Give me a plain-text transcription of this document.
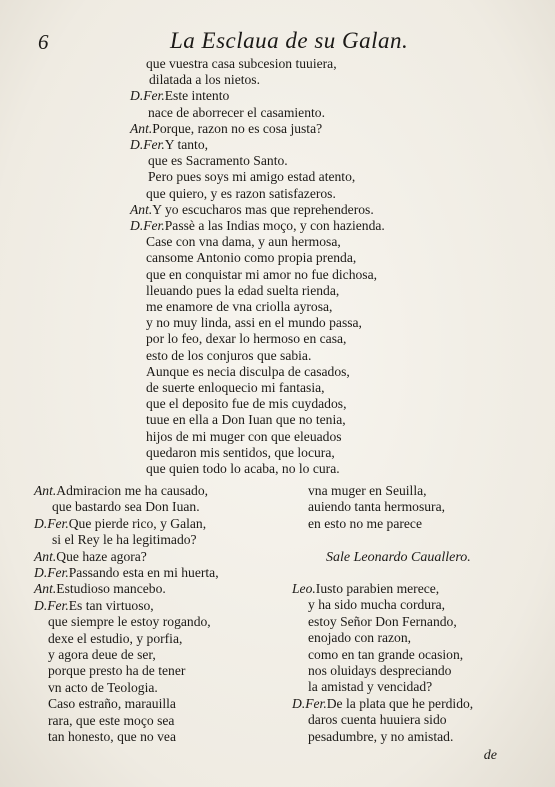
6	La Esclaua de su Galan.
que vuestra casa subcesion tuuiera,
dilatada a los nietos.
D.Fer.Este intento
nace de aborrecer el casamiento.
Ant.Porque, razon no es cosa justa?
D.Fer.Y tanto,
que es Sacramento Santo.
Pero pues soys mi amigo estad atento,
que quiero, y es razon satisfazeros.
Ant.Y yo escucharos mas que reprehenderos.
D.Fer.Passè a las Indias moço, y con hazienda.
Case con vna dama, y aun hermosa,
cansome Antonio como propia prenda,
que en conquistar mi amor no fue dichosa,
lleuando pues la edad suelta rienda,
me enamore de vna criolla ayrosa,
y no muy linda, assi en el mundo passa,
por lo feo, dexar lo hermoso en casa,
esto de los conjuros que sabia.
Aunque es necia disculpa de casados,
de suerte enloquecio mi fantasia,
que el deposito fue de mis cuydados,
tuue en ella a Don Iuan que no tenia,
hijos de mi muger con que eleuados
quedaron mis sentidos, que locura,
que quien todo lo acaba, no lo cura.
Ant.Admiracion me ha causado,
que bastardo sea Don Iuan.
D.Fer.Que pierde rico, y Galan,
si el Rey le ha legitimado?
Ant.Que haze agora?
D.Fer.Passando esta en mi huerta,
Ant.Estudioso mancebo.
D.Fer.Es tan virtuoso,
que siempre le estoy rogando,
dexe el estudio, y porfia,
y agora deue de ser,
porque presto ha de tener
vn acto de Teologia.
Caso estraño, marauilla
rara, que este moço sea
tan honesto, que no vea
vna muger en Seuilla,
auiendo tanta hermosura,
en esto no me parece
Leo.Iusto parabien merece,
y ha sido mucha cordura,
estoy Señor Don Fernando,
enojado con razon,
como en tan grande ocasion,
nos oluidays despreciando
la amistad y vencidad?
D.Fer.De la plata que he perdido,
daros cuenta huuiera sido
pesadumbre, y no amistad.
Sale Leonardo Cauallero.
de
